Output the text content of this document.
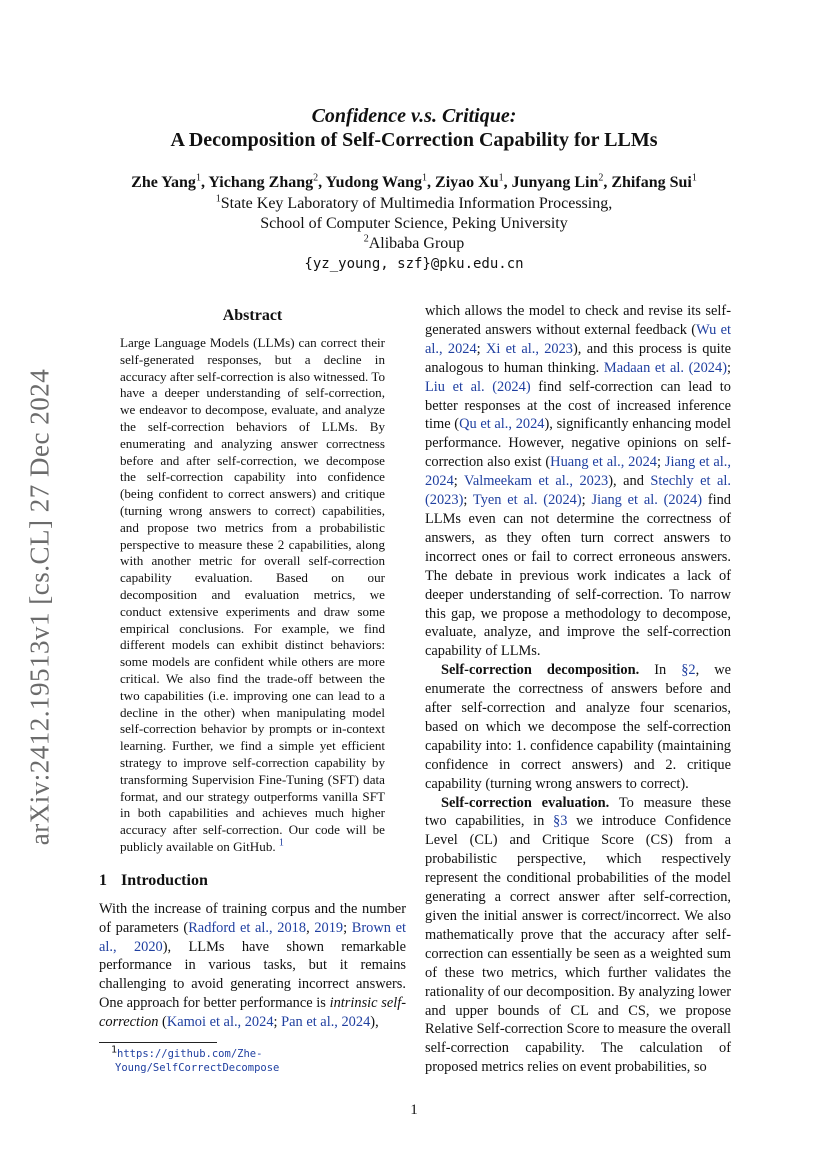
arXiv:2412.19513v1 [cs.CL] 27 Dec 2024
Confidence v.s. Critique:
A Decomposition of Self-Correction Capability for LLMs
Zhe Yang$^1$, Yichang Zhang$^2$, Yudong Wang$^1$, Ziyao Xu$^1$, Junyang Lin$^2$, Zhifang Sui$^1$
$^1$State Key Laboratory of Multimedia Information Processing,
School of Computer Science, Peking University
$^2$Alibaba Group
{yz_young, szf}@pku.edu.cn
Abstract
Large Language Models (LLMs) can correct their self-generated responses, but a decline in accuracy after self-correction is also witnessed. To have a deeper understanding of self-correction, we endeavor to decompose, evaluate, and analyze the self-correction behaviors of LLMs. By enumerating and analyzing answer correctness before and after self-correction, we decompose the self-correction capability into confidence (being confident to correct answers) and critique (turning wrong answers to correct) capabilities, and propose two metrics from a probabilistic perspective to measure these 2 capabilities, along with another metric for overall self-correction capability evaluation. Based on our decomposition and evaluation metrics, we conduct extensive experiments and draw some empirical conclusions. For example, we find different models can exhibit distinct behaviors: some models are confident while others are more critical. We also find the trade-off between the two capabilities (i.e. improving one can lead to a decline in the other) when manipulating model self-correction behavior by prompts or in-context learning. Further, we find a simple yet efficient strategy to improve self-correction capability by transforming Supervision Fine-Tuning (SFT) data format, and our strategy outperforms vanilla SFT in both capabilities and achieves much higher accuracy after self-correction. Our code will be publicly available on GitHub. $^1$
1 Introduction
With the increase of training corpus and the number of parameters (Radford et al., 2018, 2019; Brown et al., 2020), LLMs have shown remarkable performance in various tasks, but it remains challenging to avoid generating incorrect answers. One approach for better performance is intrinsic self-correction (Kamoi et al., 2024; Pan et al., 2024),
$^1$https://github.com/Zhe-Young/SelfCorrectDecompose

which allows the model to check and revise its self-generated answers without external feedback (Wu et al., 2024; Xi et al., 2023), and this process is quite analogous to human thinking. Madaan et al. (2024); Liu et al. (2024) find self-correction can lead to better responses at the cost of increased inference time (Qu et al., 2024), significantly enhancing model performance. However, negative opinions on self-correction also exist (Huang et al., 2024; Jiang et al., 2024; Valmeekam et al., 2023), and Stechly et al. (2023); Tyen et al. (2024); Jiang et al. (2024) find LLMs even can not determine the correctness of answers, as they often turn correct answers to incorrect ones or fail to correct erroneous answers. The debate in previous work indicates a lack of deeper understanding of self-correction. To narrow this gap, we propose a methodology to decompose, evaluate, analyze, and improve the self-correction capability of LLMs.

Self-correction decomposition. In §2, we enumerate the correctness of answers before and after self-correction and analyze four scenarios, based on which we decompose the self-correction capability into: 1. confidence capability (maintaining confidence in correct answers) and 2. critique capability (turning wrong answers to correct).

Self-correction evaluation. To measure these two capabilities, in §3 we introduce Confidence Level (CL) and Critique Score (CS) from a probabilistic perspective, which respectively represent the conditional probabilities of the model generating a correct answer after self-correction, given the initial answer is correct/incorrect. We also mathematically prove that the accuracy after self-correction can essentially be seen as a weighted sum of these two metrics, which further validates the rationality of our decomposition. By analyzing lower and upper bounds of CL and CS, we propose Relative Self-correction Score to measure the overall self-correction capability. The calculation of proposed metrics relies on event probabilities, so

1
